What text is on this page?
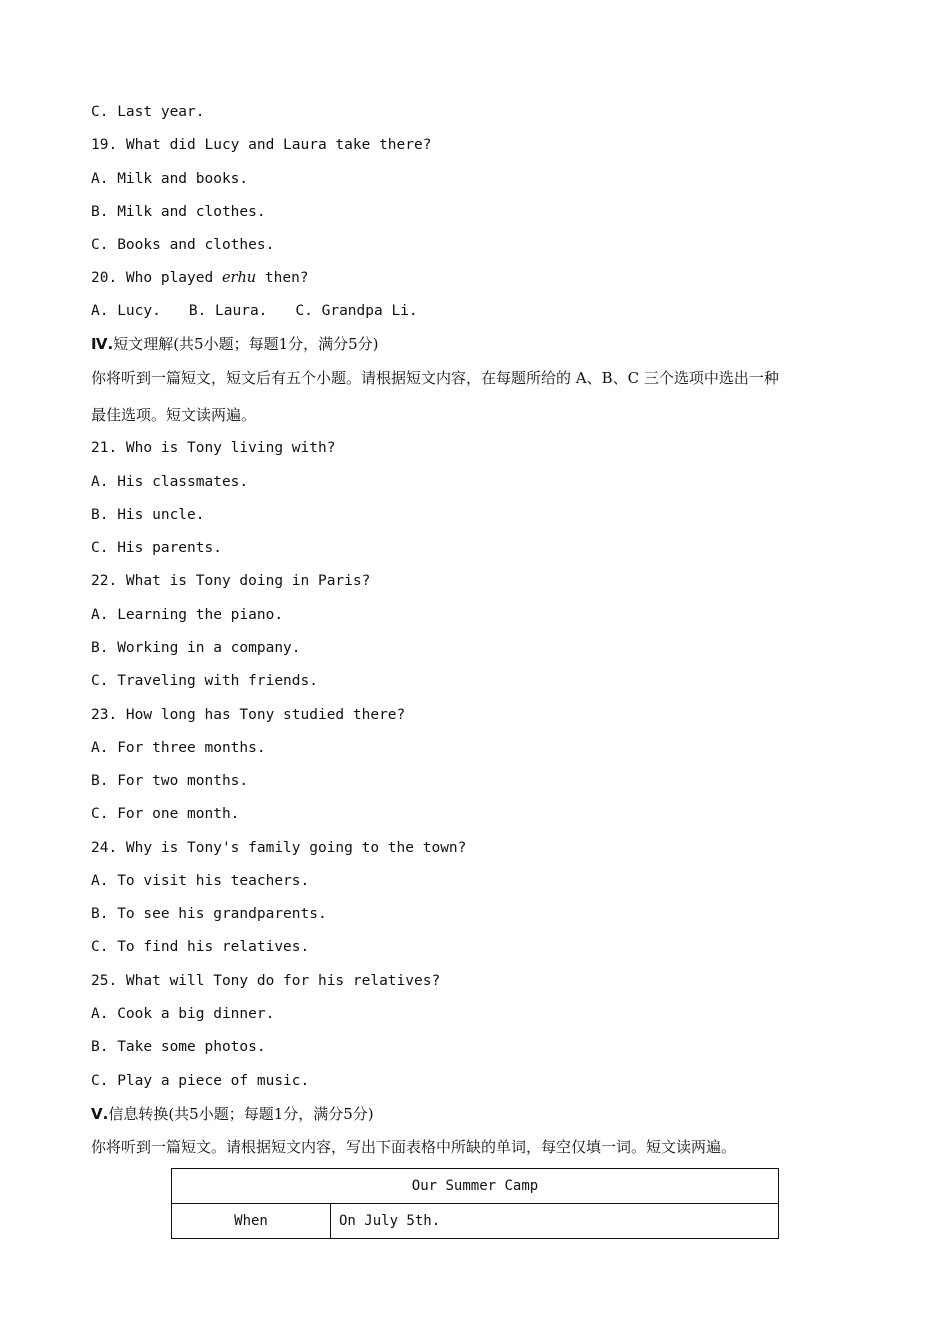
C. Last year.
19. What did Lucy and Laura take there?
A. Milk and books.
B. Milk and clothes.
C. Books and clothes.
20. Who played erhu then?
A. Lucy. B. Laura. C. Grandpa Li.
Ⅳ.短文理解(共5小题；每题1分，满分5分)
你将听到一篇短文，短文后有五个小题。请根据短文内容，在每题所给的 A、B、C 三个选项中选出一种
最佳选项。短文读两遍。
21. Who is Tony living with?
A. His classmates.
B. His uncle.
C. His parents.
22. What is Tony doing in Paris?
A. Learning the piano.
B. Working in a company.
C. Traveling with friends.
23. How long has Tony studied there?
A. For three months.
B. For two months.
C. For one month.
24. Why is Tony's family going to the town?
A. To visit his teachers.
B. To see his grandparents.
C. To find his relatives.
25. What will Tony do for his relatives?
A. Cook a big dinner.
B. Take some photos.
C. Play a piece of music.
Ⅴ.信息转换(共5小题；每题1分，满分5分)
你将听到一篇短文。请根据短文内容，写出下面表格中所缺的单词，每空仅填一词。短文读两遍。
Our Summer Camp
When	On July 5th.
